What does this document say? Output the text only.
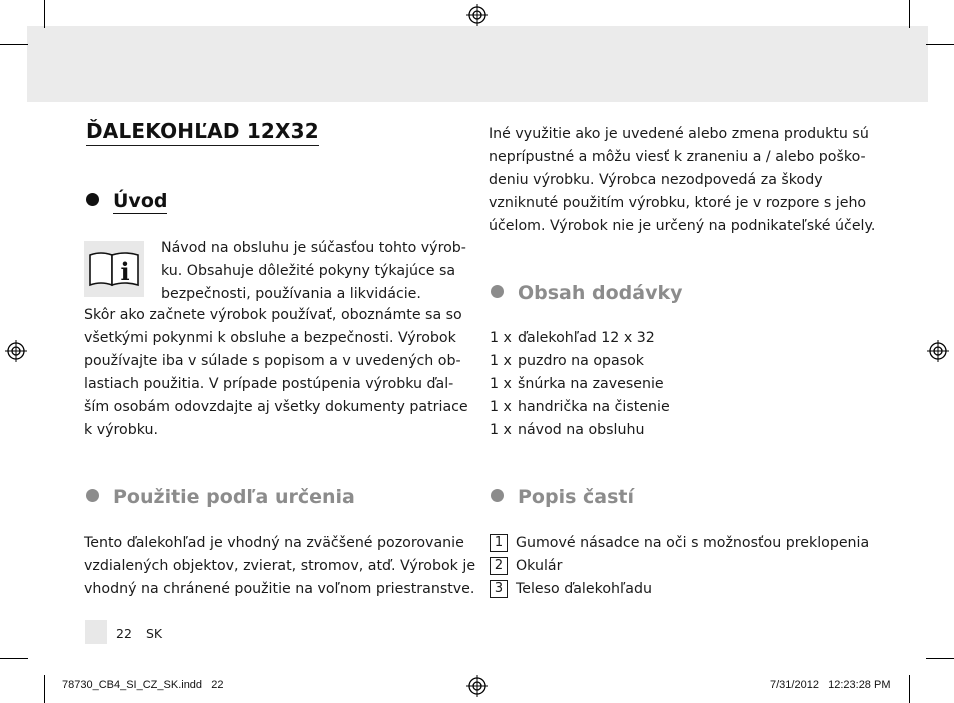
ĎALEKOHĽAD 12X32
Úvod
i
Návod na obsluhu je súčasťou tohto výrob-
ku. Obsahuje dôležité pokyny týkajúce sa
bezpečnosti, používania a likvidácie.
Skôr ako začnete výrobok používať, oboznámte sa so
všetkými pokynmi k obsluhe a bezpečnosti. Výrobok
používajte iba v súlade s popisom a v uvedených ob-
lastiach použitia. V prípade postúpenia výrobku ďal-
ším osobám odovzdajte aj všetky dokumenty patriace
k výrobku.
Použitie podľa určenia
Tento ďalekohľad je vhodný na zväčšené pozorovanie
vzdialených objektov, zvierat, stromov, atď. Výrobok je
vhodný na chránené použitie na voľnom priestranstve.
Iné využitie ako je uvedené alebo zmena produktu sú
neprípustné a môžu viesť k zraneniu a / alebo poško-
deniu výrobku. Výrobca nezodpovedá za škody
vzniknuté použitím výrobku, ktoré je v rozpore s jeho
účelom. Výrobok nie je určený na podnikateľské účely.
Obsah dodávky
1 x ďalekohľad 12 x 32
1 x puzdro na opasok
1 x šnúrka na zavesenie
1 x handrička na čistenie
1 x návod na obsluhu
Popis častí
1 Gumové násadce na oči s možnosťou preklopenia
2 Okulár
3 Teleso ďalekohľadu
22 SK
78730_CB4_SI_CZ_SK.indd   22	7/31/2012   12:23:28 PM
